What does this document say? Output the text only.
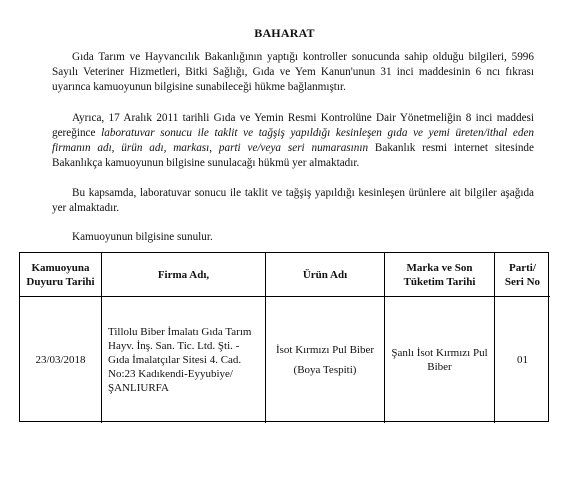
BAHARAT
Gıda Tarım ve Hayvancılık Bakanlığının yaptığı kontroller sonucunda sahip olduğu bilgileri, 5996 Sayılı Veteriner Hizmetleri, Bitki Sağlığı, Gıda ve Yem Kanun'unun 31 inci maddesinin 6 ncı fıkrası uyarınca kamuoyunun bilgisine sunabileceği hükme bağlanmıştır.
Ayrıca, 17 Aralık 2011 tarihli Gıda ve Yemin Resmi Kontrolüne Dair Yönetmeliğin 8 inci maddesi gereğince laboratuvar sonucu ile taklit ve tağşiş yapıldığı kesinleşen gıda ve yemi üreten/ithal eden firmanın adı, ürün adı, markası, parti ve/veya seri numarasının Bakanlık resmi internet sitesinde Bakanlıkça kamuoyunun bilgisine sunulacağı hükmü yer almaktadır.
Bu kapsamda, laboratuvar sonucu ile taklit ve tağşiş yapıldığı kesinleşen ürünlere ait bilgiler aşağıda yer almaktadır.
Kamuoyunun bilgisine sunulur.
Kamuoyuna Duyuru Tarihi
Firma Adı,	Ürün Adı
Marka ve Son Tüketim Tarihi
Parti/ Seri No
23/03/2018
Tillolu Biber İmalatı Gıda Tarım Hayv. İnş. San. Tic. Ltd. Şti. -Gıda İmalatçılar Sitesi 4. Cad. No:23 Kadıkendi-Eyyubiye/ŞANLIURFA
İsot Kırmızı Pul Biber
(Boya Tespiti)
Şanlı İsot Kırmızı Pul Biber
01
